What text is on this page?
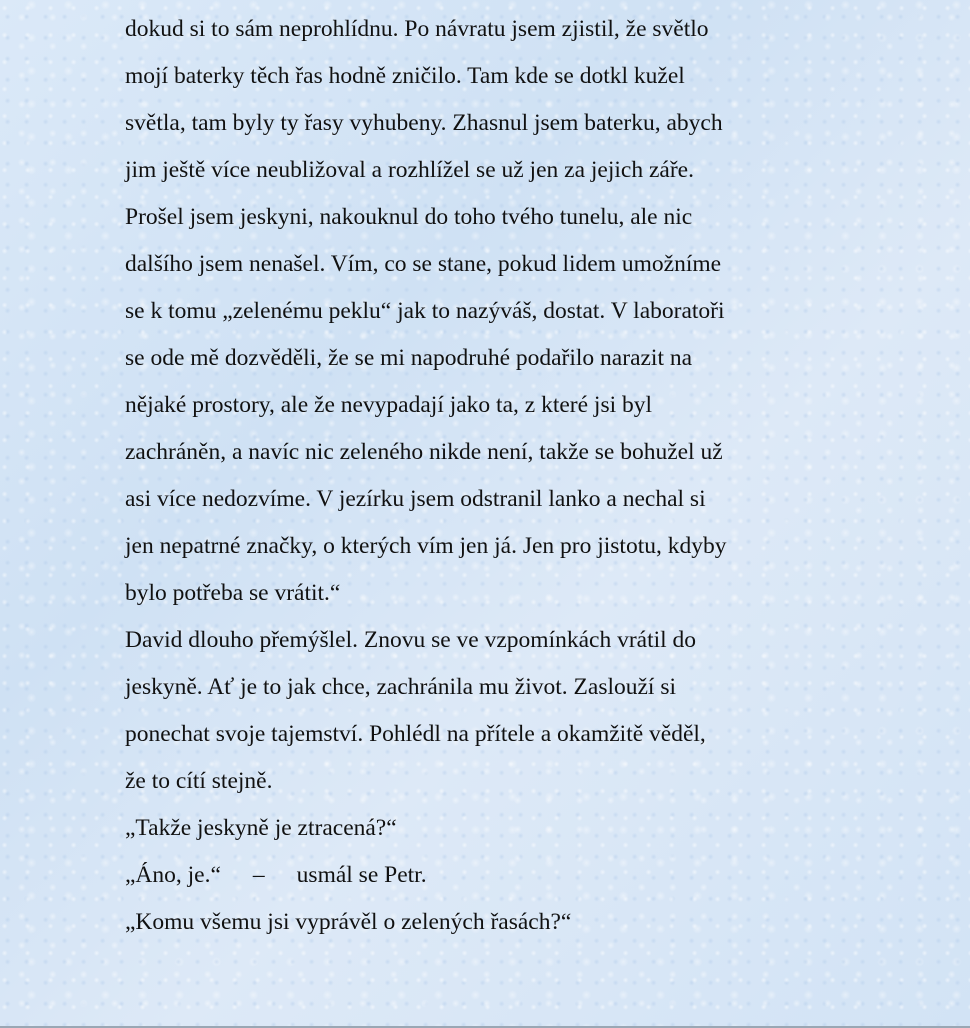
dokud si to sám neprohlídnu. Po návratu jsem zjistil, že světlo
mojí baterky těch řas hodně zničilo. Tam kde se dotkl kužel
světla, tam byly ty řasy vyhubeny. Zhasnul jsem baterku, abych
jim ještě více neubližoval a rozhlížel se už jen za jejich záře.
Prošel jsem jeskyni, nakouknul do toho tvého tunelu, ale nic
dalšího jsem nenašel. Vím, co se stane, pokud lidem umožníme
se k tomu „zelenému peklu“ jak to nazýváš, dostat. V laboratoři
se ode mě dozvěděli, že se mi napodruhé podařilo narazit na
nějaké prostory, ale že nevypadají jako ta, z které jsi byl
zachráněn, a navíc nic zeleného nikde není, takže se bohužel už
asi více nedozvíme. V jezírku jsem odstranil lanko a nechal si
jen nepatrné značky, o kterých vím jen já. Jen pro jistotu, kdyby
bylo potřeba se vrátit.“
David dlouho přemýšlel. Znovu se ve vzpomínkách vrátil do
jeskyně. Ať je to jak chce, zachránila mu život. Zaslouží si
ponechat svoje tajemství. Pohlédl na přítele a okamžitě věděl,
že to cítí stejně.
„Takže jeskyně je ztracená?“
„Áno, je.“ – usmál se Petr.
„Komu všemu jsi vyprávěl o zelených řasách?“
